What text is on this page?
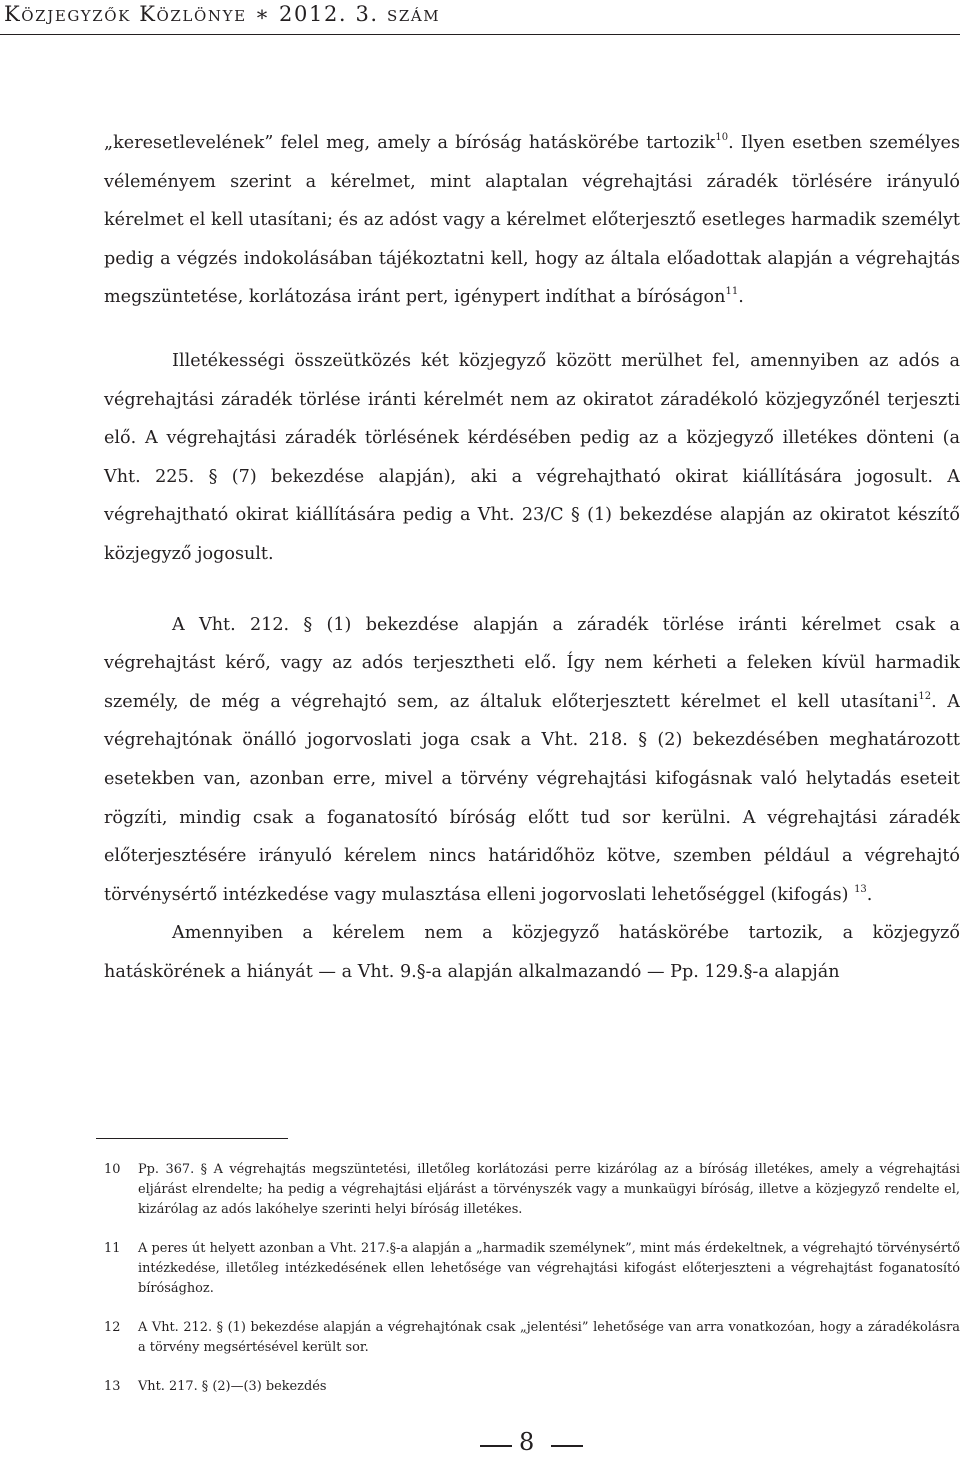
Közjegyzők Közlönye ∗ 2012. 3. szám

„keresetlevelének” felel meg, amely a bíróság hatáskörébe tartozik$^{10}$. Ilyen esetben személyes véleményem szerint a kérelmet, mint alaptalan végrehajtási záradék törlésére irányuló kérelmet el kell utasítani; és az adóst vagy a kérelmet előterjesztő esetleges harmadik személyt pedig a végzés indokolásában tájékoztatni kell, hogy az általa előadottak alapján a végrehajtás megszüntetése, korlátozása iránt pert, igénypert indíthat a bíróságon$^{11}$.

Illetékességi összeütközés két közjegyző között merülhet fel, amennyiben az adós a végrehajtási záradék törlése iránti kérelmét nem az okiratot záradékoló közjegyzőnél terjeszti elő. A végrehajtási záradék törlésének kérdésében pedig az a közjegyző illetékes dönteni (a Vht. 225. § (7) bekezdése alapján), aki a végrehajtható okirat kiállítására jogosult. A végrehajtható okirat kiállítására pedig a Vht. 23/C § (1) bekezdése alapján az okiratot készítő közjegyző jogosult.

A Vht. 212. § (1) bekezdése alapján a záradék törlése iránti kérelmet csak a végrehajtást kérő, vagy az adós terjesztheti elő. Így nem kérheti a feleken kívül harmadik személy, de még a végrehajtó sem, az általuk előterjesztett kérelmet el kell utasítani$^{12}$. A végrehajtónak önálló jogorvoslati joga csak a Vht. 218. § (2) bekezdésében meghatározott esetekben van, azonban erre, mivel a törvény végrehajtási kifogásnak való helytadás eseteit rögzíti, mindig csak a foganatosító bíróság előtt tud sor kerülni. A végrehajtási záradék előterjesztésére irányuló kérelem nincs határidőhöz kötve, szemben például a végrehajtó törvénysértő intézkedése vagy mulasztása elleni jogorvoslati lehetőséggel (kifogás) $^{13}$.

Amennyiben a kérelem nem a közjegyző hatáskörébe tartozik, a közjegyző hatáskörének a hiányát — a Vht. 9.§-a alapján alkalmazandó — Pp. 129.§-a alapján

10	Pp. 367. § A végrehajtás megszüntetési, illetőleg korlátozási perre kizárólag az a bíróság illetékes, amely a végrehajtási eljárást elrendelte; ha pedig a végrehajtási eljárást a törvényszék vagy a munkaügyi bíróság, illetve a közjegyző rendelte el, kizárólag az adós lakóhelye szerinti helyi bíróság illetékes.
11	A peres út helyett azonban a Vht. 217.§-a alapján a „harmadik személynek”, mint más érdekeltnek, a végrehajtó törvénysértő intézkedése, illetőleg intézkedésének ellen lehetősége van végrehajtási kifogást előterjeszteni a végrehajtást foganatosító bírósághoz.
12	A Vht. 212. § (1) bekezdése alapján a végrehajtónak csak „jelentési” lehetősége van arra vonatkozóan, hogy a záradékolásra a törvény megsértésével került sor.
13	Vht. 217. § (2)—(3) bekezdés
8
